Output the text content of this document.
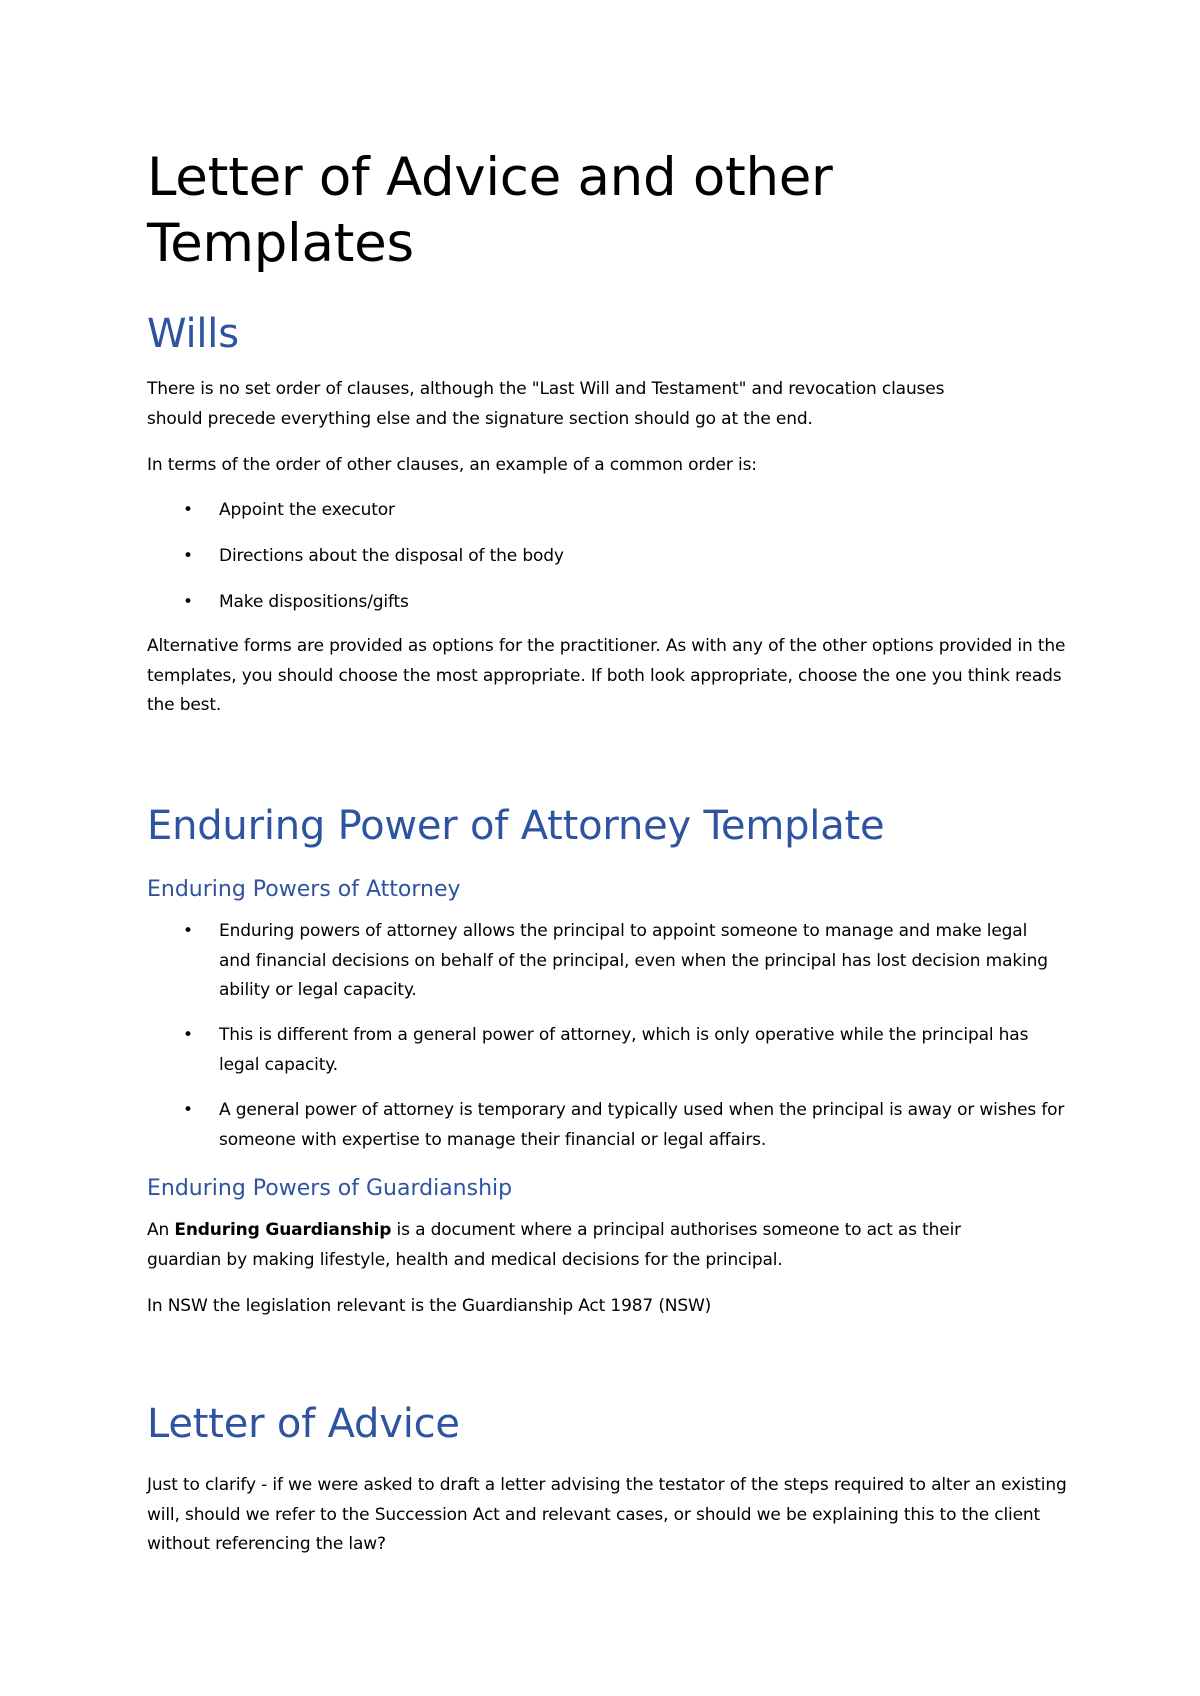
Letter of Advice and other Templates
Wills

There is no set order of clauses, although the "Last Will and Testament" and revocation clauses should precede everything else and the signature section should go at the end.

In terms of the order of other clauses, an example of a common order is:

• Appoint the executor
• Directions about the disposal of the body
• Make dispositions/gifts

Alternative forms are provided as options for the practitioner. As with any of the other options provided in the templates, you should choose the most appropriate. If both look appropriate, choose the one you think reads the best.

Enduring Power of Attorney Template
Enduring Powers of Attorney
• Enduring powers of attorney allows the principal to appoint someone to manage and make legal and financial decisions on behalf of the principal, even when the principal has lost decision making ability or legal capacity.
• This is different from a general power of attorney, which is only operative while the principal has legal capacity.
• A general power of attorney is temporary and typically used when the principal is away or wishes for someone with expertise to manage their financial or legal affairs.
Enduring Powers of Guardianship

An Enduring Guardianship is a document where a principal authorises someone to act as their guardian by making lifestyle, health and medical decisions for the principal.

In NSW the legislation relevant is the Guardianship Act 1987 (NSW)

Letter of Advice

Just to clarify - if we were asked to draft a letter advising the testator of the steps required to alter an existing will, should we refer to the Succession Act and relevant cases, or should we be explaining this to the client without referencing the law?
